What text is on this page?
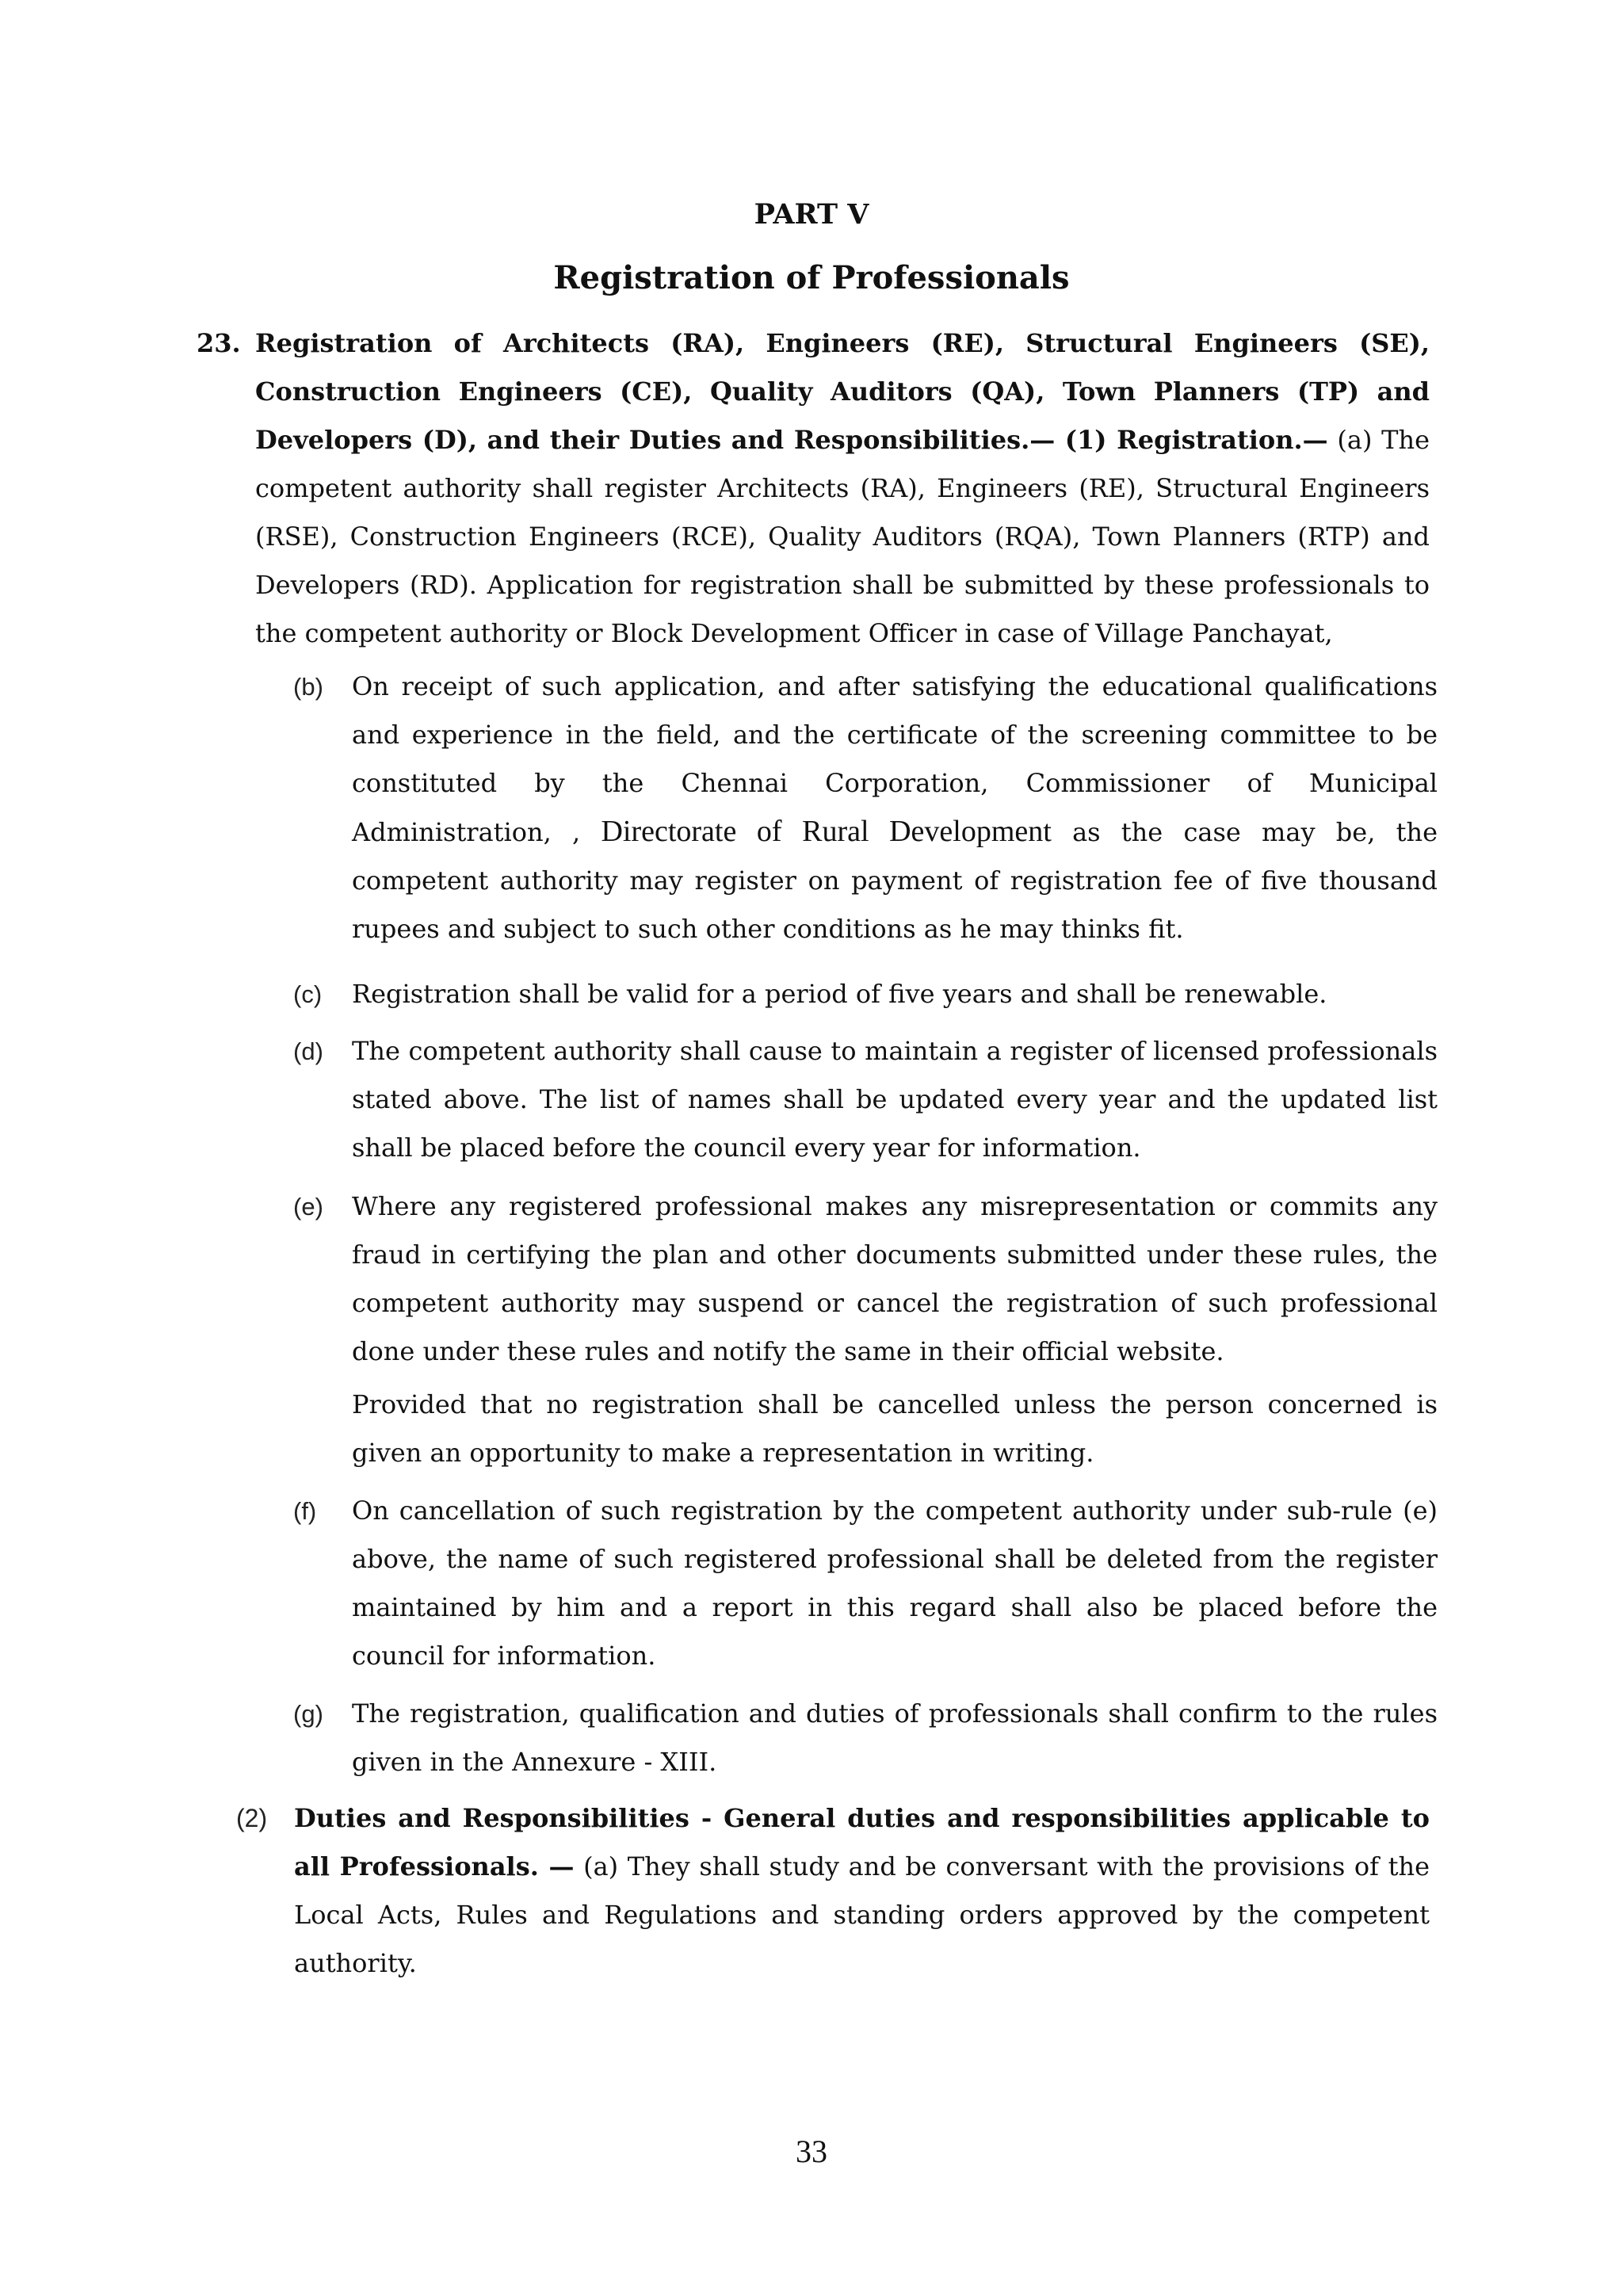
PART V
Registration of Professionals
23. Registration of Architects (RA), Engineers (RE), Structural Engineers (SE), Construction Engineers (CE), Quality Auditors (QA), Town Planners (TP) and Developers (D), and their Duties and Responsibilities.— (1) Registration.— (a) The competent authority shall register Architects (RA), Engineers (RE), Structural Engineers (RSE), Construction Engineers (RCE), Quality Auditors (RQA), Town Planners (RTP) and Developers (RD). Application for registration shall be submitted by these professionals to the competent authority or Block Development Officer in case of Village Panchayat,

(b) On receipt of such application, and after satisfying the educational qualifications and experience in the field, and the certificate of the screening committee to be constituted by the Chennai Corporation, Commissioner of Municipal Administration, , Directorate of Rural Development as the case may be, the competent authority may register on payment of registration fee of five thousand rupees and subject to such other conditions as he may thinks fit.

(c) Registration shall be valid for a period of five years and shall be renewable.

(d) The competent authority shall cause to maintain a register of licensed professionals stated above. The list of names shall be updated every year and the updated list shall be placed before the council every year for information.

(e) Where any registered professional makes any misrepresentation or commits any fraud in certifying the plan and other documents submitted under these rules, the competent authority may suspend or cancel the registration of such professional done under these rules and notify the same in their official website.

Provided that no registration shall be cancelled unless the person concerned is given an opportunity to make a representation in writing.

(f) On cancellation of such registration by the competent authority under sub-rule (e) above, the name of such registered professional shall be deleted from the register maintained by him and a report in this regard shall also be placed before the council for information.

(g) The registration, qualification and duties of professionals shall confirm to the rules given in the Annexure - XIII.

(2) Duties and Responsibilities - General duties and responsibilities applicable to all Professionals. — (a) They shall study and be conversant with the provisions of the Local Acts, Rules and Regulations and standing orders approved by the competent authority.

33
